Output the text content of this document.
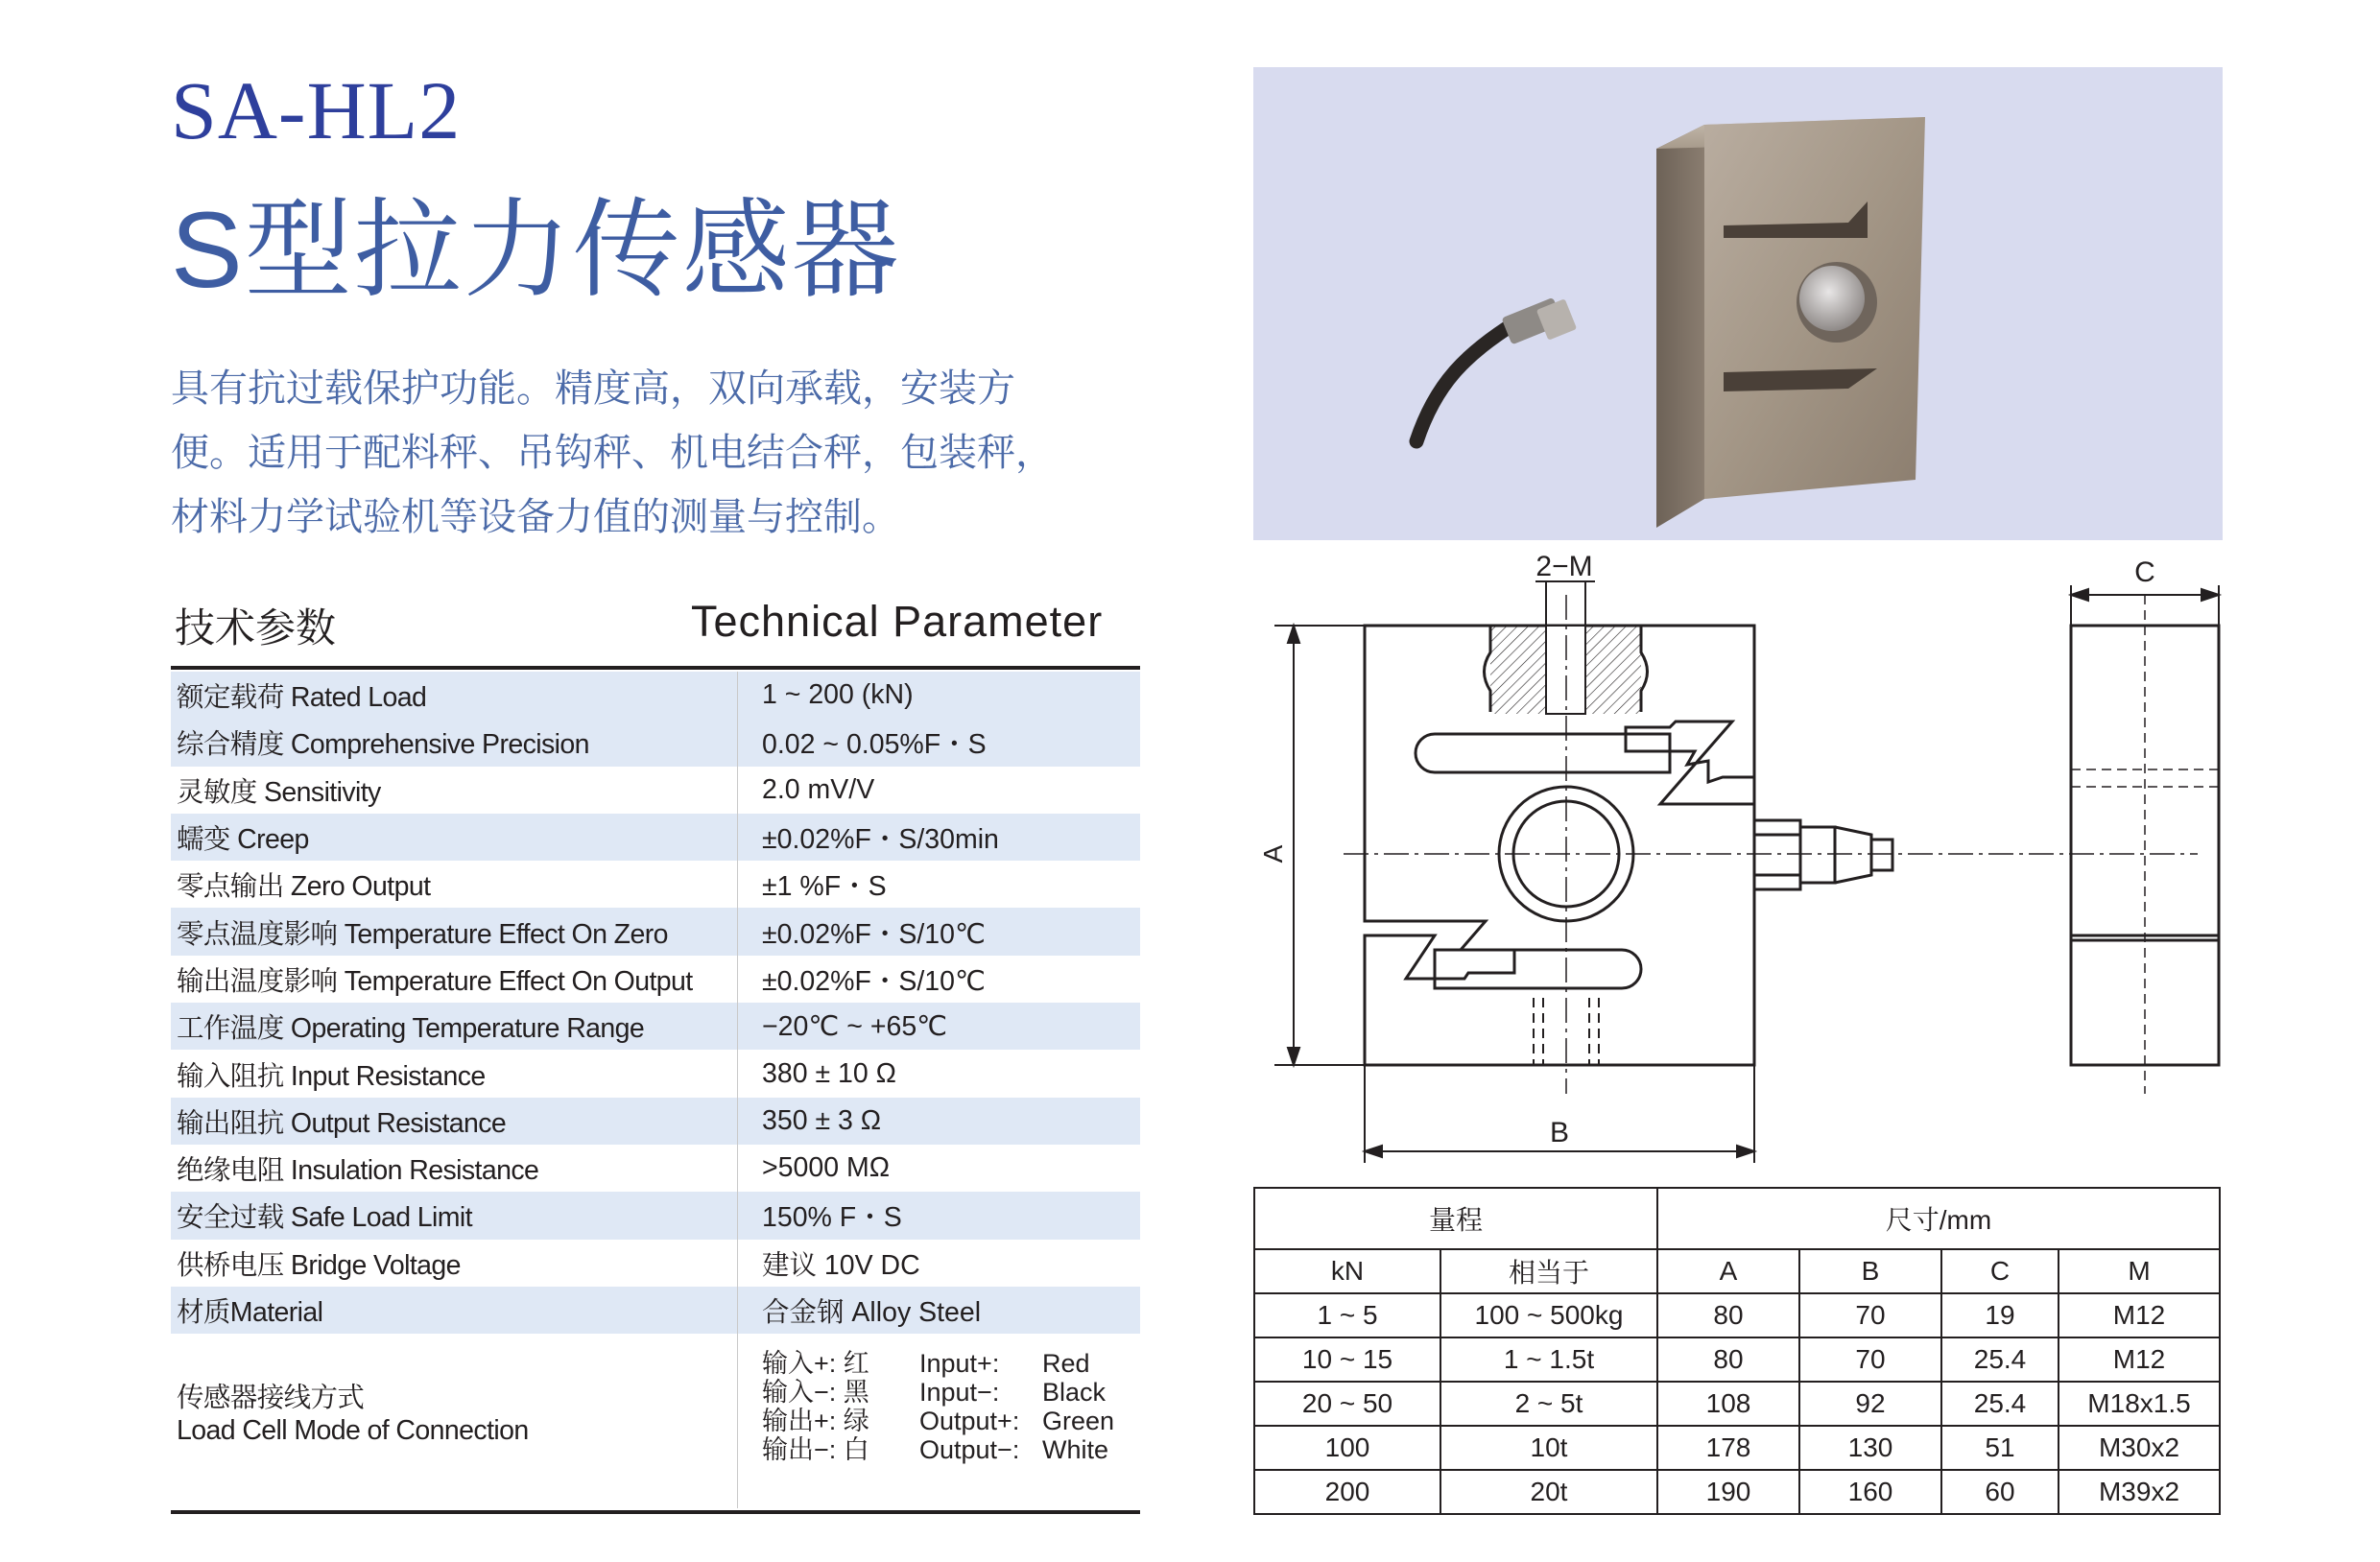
SA-HL2
S型拉力传感器

具有抗过载保护功能。精度高，双向承载，安装方
便。适用于配料秤、吊钩秤、机电结合秤，包装秤，
材料力学试验机等设备力值的测量与控制。

技术参数	Technical Parameter
额定载荷 Rated Load	1 ~ 200 (kN)
综合精度 Comprehensive Precision	0.02 ~ 0.05%F・S
灵敏度 Sensitivity	2.0 mV/V
蠕变 Creep	±0.02%F・S/30min
零点输出 Zero Output	±1 %F・S
零点温度影响 Temperature Effect On Zero	±0.02%F・S/10℃
输出温度影响 Temperature Effect On Output	±0.02%F・S/10℃
工作温度 Operating Temperature Range	−20℃ ~ +65℃
输入阻抗 Input Resistance	380 ± 10 Ω
输出阻抗 Output Resistance	350 ± 3 Ω
绝缘电阻 Insulation Resistance	>5000 MΩ
安全过载 Safe Load Limit	150% F・S
供桥电压 Bridge Voltage	建议 10V DC
材质Material	合金钢 Alloy Steel
传感器接线方式
Load Cell Mode of Connection
输入+: 红 Input+: Red
输入−: 黑 Input−: Black
输出+: 绿 Output+: Green
输出−: 白 Output−: White
A
B
2−M	C
量程		尺寸/mm			
kN	相当于	A	B	C	M
1 ~ 5	100 ~ 500kg	80	70	19	M12
10 ~ 15	1 ~ 1.5t	80	70	25.4	M12
20 ~ 50	2 ~ 5t	108	92	25.4	M18x1.5
100	10t	178	130	51	M30x2
200	20t	190	160	60	M39x2
